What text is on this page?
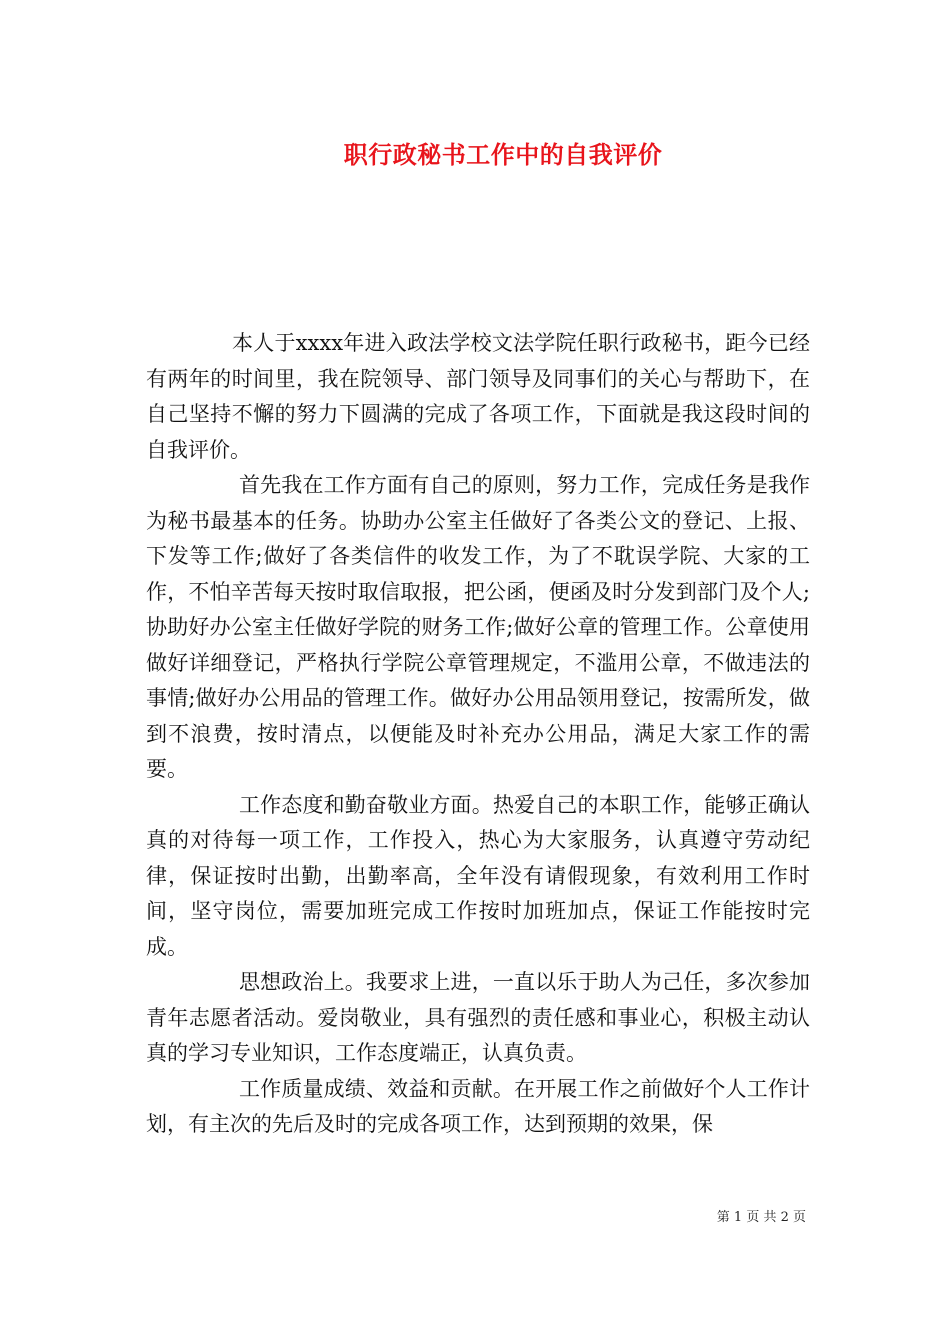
职行政秘书工作中的自我评价

本人于xxxx年进入政法学校文法学院任职行政秘书，距今已经有两年的时间里，我在院领导、部门领导及同事们的关心与帮助下，在自己坚持不懈的努力下圆满的完成了各项工作，下面就是我这段时间的自我评价。

首先我在工作方面有自己的原则，努力工作，完成任务是我作为秘书最基本的任务。协助办公室主任做好了各类公文的登记、上报、下发等工作;做好了各类信件的收发工作，为了不耽误学院、大家的工作，不怕辛苦每天按时取信取报，把公函，便函及时分发到部门及个人;协助好办公室主任做好学院的财务工作;做好公章的管理工作。公章使用做好详细登记，严格执行学院公章管理规定，不滥用公章，不做违法的事情;做好办公用品的管理工作。做好办公用品领用登记，按需所发，做到不浪费，按时清点，以便能及时补充办公用品，满足大家工作的需要。

工作态度和勤奋敬业方面。热爱自己的本职工作，能够正确认真的对待每一项工作，工作投入，热心为大家服务，认真遵守劳动纪律，保证按时出勤，出勤率高，全年没有请假现象，有效利用工作时间，坚守岗位，需要加班完成工作按时加班加点，保证工作能按时完成。

思想政治上。我要求上进，一直以乐于助人为己任，多次参加青年志愿者活动。爱岗敬业，具有强烈的责任感和事业心，积极主动认真的学习专业知识，工作态度端正，认真负责。

工作质量成绩、效益和贡献。在开展工作之前做好个人工作计划，有主次的先后及时的完成各项工作，达到预期的效果，保

第 1 页 共 2 页
